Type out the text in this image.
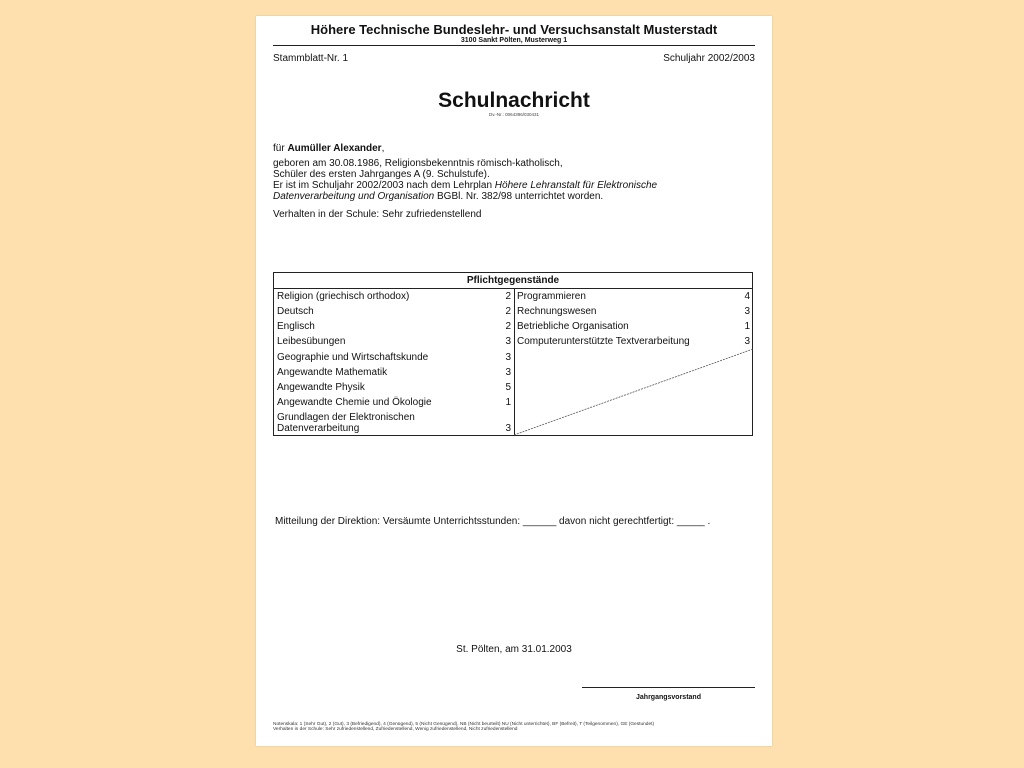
Höhere Technische Bundeslehr- und Versuchsanstalt Musterstadt
3100 Sankt Pölten, Musterweg 1
Stammblatt-Nr. 1	Schuljahr 2002/2003
Schulnachricht
Dv.-Nr.: 0064396/030431
für Aumüller Alexander,
geboren am 30.08.1986, Religionsbekenntnis römisch-katholisch,
Schüler des ersten Jahrganges A (9. Schulstufe).
Er ist im Schuljahr 2002/2003 nach dem Lehrplan Höhere Lehranstalt für Elektronische
Datenverarbeitung und Organisation BGBl. Nr. 382/98 unterrichtet worden.
Verhalten in der Schule: Sehr zufriedenstellend
Pflichtgegenstände
Religion (griechisch orthodox)	2
Deutsch	2
Englisch	2
Leibesübungen	3
Geographie und Wirtschaftskunde	3
Angewandte Mathematik	3
Angewandte Physik	5
Angewandte Chemie und Ökologie	1
Grundlagen der Elektronischen Datenverarbeitung	3
Programmieren	4
Rechnungswesen	3
Betriebliche Organisation	1
Computerunterstützte Textverarbeitung	3
Mitteilung der Direktion: Versäumte Unterrichtsstunden: ______ davon nicht gerechtfertigt: _____ .
St. Pölten, am 31.01.2003
Jahrgangsvorstand
Notenskala: 1 (Sehr Gut), 2 (Gut), 3 (Befriedigend), 4 (Genügend), 5 (Nicht Genügend), NB (Nicht beurteilt) NU (Nicht unterrichtet), BF (Befreit), T (Teilgenommen), GE (Gestundet)
Verhalten in der Schule: Sehr zufriedenstellend, Zufriedenstellend, Wenig zufriedenstellend, Nicht zufriedenstellend
